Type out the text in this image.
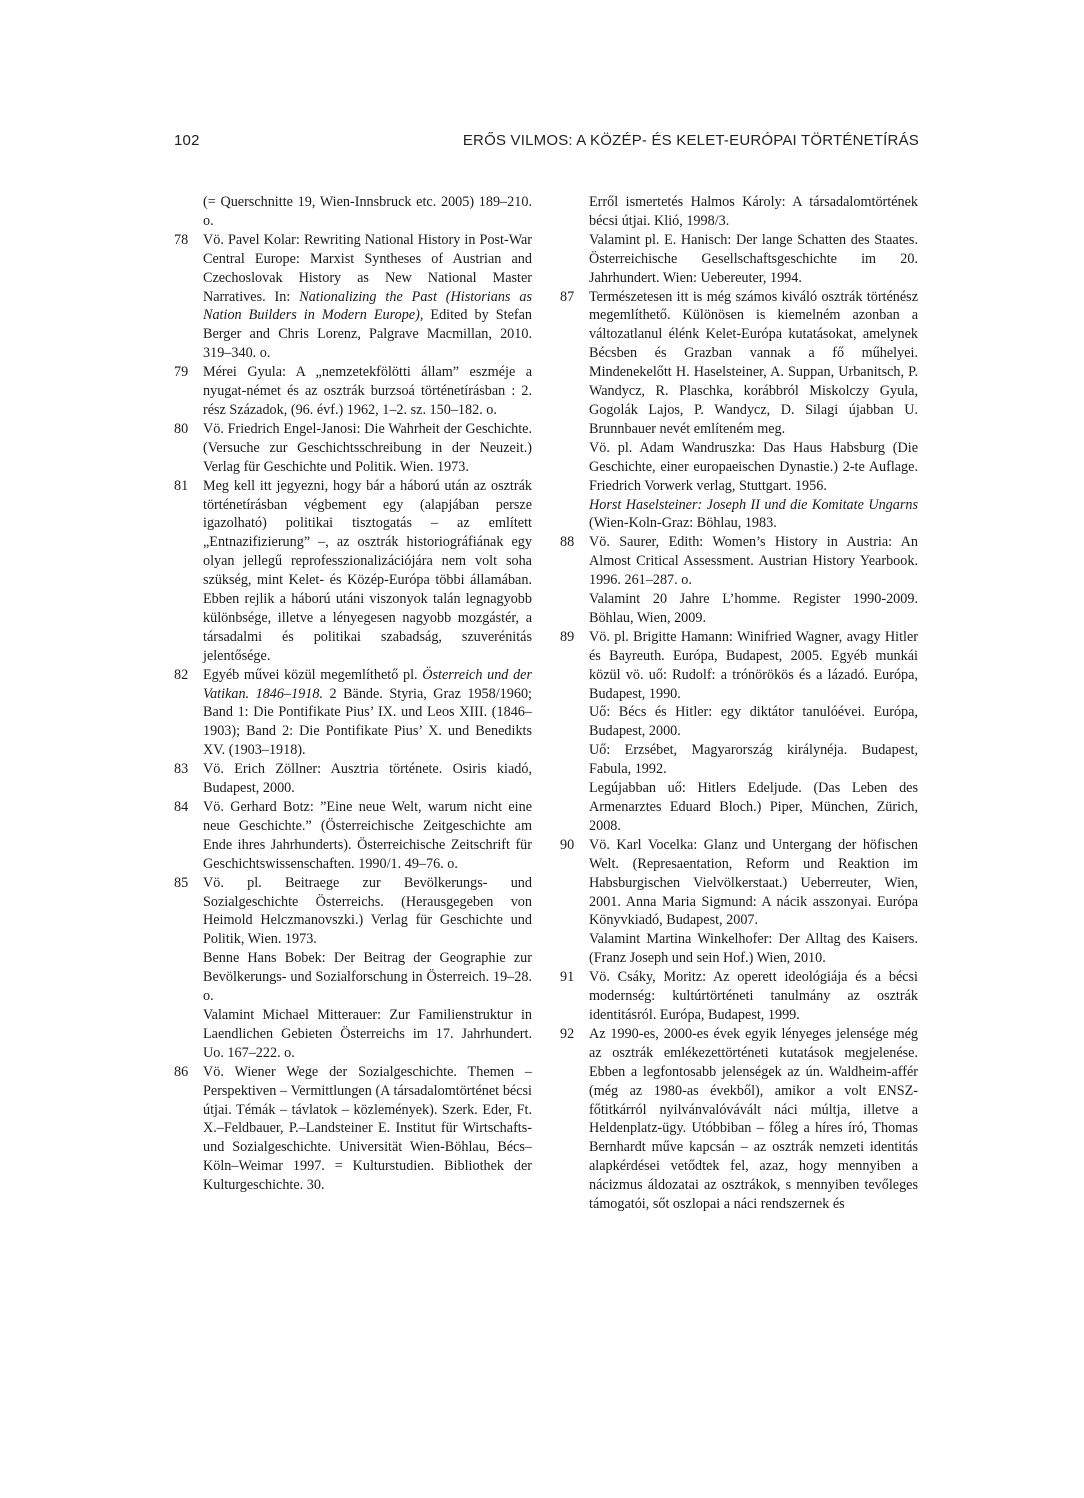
102	ERŐS VILMOS: A KÖZÉP- ÉS KELET-EURÓPAI TÖRTÉNETÍRÁS

(= Querschnitte 19, Wien-Innsbruck etc. 2005) 189–210. o.

78	Vö. Pavel Kolar: Rewriting National History in Post-War Central Europe: Marxist Syntheses of Austrian and Czechoslovak History as New National Master Narratives. In: Nationalizing the Past (Historians as Nation Builders in Modern Europe), Edited by Stefan Berger and Chris Lorenz, Palgrave Macmillan, 2010. 319–340. o.

79	Mérei Gyula: A „nemzetekfölötti állam” eszméje a nyugat-német és az osztrák burzsoá történetírásban : 2. rész Századok, (96. évf.) 1962, 1–2. sz. 150–182. o.

80	Vö. Friedrich Engel-Janosi: Die Wahrheit der Geschichte. (Versuche zur Geschichtsschreibung in der Neuzeit.) Verlag für Geschichte und Politik. Wien. 1973.

81	Meg kell itt jegyezni, hogy bár a háború után az osztrák történetírásban végbement egy (alapjában persze igazolható) politikai tisztogatás – az említett „Entnazifizierung” –, az osztrák historiográfiának egy olyan jellegű reprofesszionalizációjára nem volt soha szükség, mint Kelet- és Közép-Európa többi államában. Ebben rejlik a háború utáni viszonyok talán legnagyobb különbsége, illetve a lényegesen nagyobb mozgástér, a társadalmi és politikai szabadság, szuverénitás jelentősége.

82	Egyéb művei közül megemlíthető pl. Österreich und der Vatikan. 1846–1918. 2 Bände. Styria, Graz 1958/1960; Band 1: Die Pontifikate Pius’ IX. und Leos XIII. (1846–1903); Band 2: Die Pontifikate Pius’ X. und Benedikts XV. (1903–1918).

83	Vö. Erich Zöllner: Ausztria története. Osiris kiadó, Budapest, 2000.

84	Vö. Gerhard Botz: ”Eine neue Welt, warum nicht eine neue Geschichte.” (Österreichische Zeitgeschichte am Ende ihres Jahrhunderts). Österreichische Zeitschrift für Geschichtswissenschaften. 1990/1. 49–76. o.

85	Vö. pl. Beitraege zur Bevölkerungs- und Sozialgeschichte Österreichs. (Herausgegeben von Heimold Helczmanovszki.) Verlag für Geschichte und Politik, Wien. 1973.

Benne Hans Bobek: Der Beitrag der Geographie zur Bevölkerungs- und Sozialforschung in Österreich. 19–28. o.

Valamint Michael Mitterauer: Zur Familienstruktur in Laendlichen Gebieten Österreichs im 17. Jahrhundert. Uo. 167–222. o.

86	Vö. Wiener Wege der Sozialgeschichte. Themen – Perspektiven – Vermittlungen (A társadalomtörténet bécsi útjai. Témák – távlatok – közlemények). Szerk. Eder, Ft. X.–Feldbauer, P.–Landsteiner E. Institut für Wirtschafts- und Sozialgeschichte. Universität Wien-Böhlau, Bécs–Köln–Weimar 1997. = Kulturstudien. Bibliothek der Kulturgeschichte. 30.

Erről ismertetés Halmos Károly: A társadalomtörtének bécsi útjai. Klió, 1998/3.

Valamint pl. E. Hanisch: Der lange Schatten des Staates. Österreichische Gesellschaftsgeschichte im 20. Jahrhundert. Wien: Uebereuter, 1994.

87	Természetesen itt is még számos kiváló osztrák történész megemlíthető. Különösen is kiemelném azonban a változatlanul élénk Kelet-Európa kutatásokat, amelynek Bécsben és Grazban vannak a fő műhelyei. Mindenekelőtt H. Haselsteiner, A. Suppan, Urbanitsch, P. Wandycz, R. Plaschka, korábbról Miskolczy Gyula, Gogolák Lajos, P. Wandycz, D. Silagi újabban U. Brunnbauer nevét említeném meg.

Vö. pl. Adam Wandruszka: Das Haus Habsburg (Die Geschichte, einer europaeischen Dynastie.) 2-te Auflage. Friedrich Vorwerk verlag, Stuttgart. 1956.

Horst Haselsteiner: Joseph II und die Komitate Ungarns (Wien-Koln-Graz: Böhlau, 1983.

88	Vö. Saurer, Edith: Women’s History in Austria: An Almost Critical Assessment. Austrian History Yearbook. 1996. 261–287. o.

Valamint 20 Jahre L’homme. Register 1990-2009. Böhlau, Wien, 2009.

89	Vö. pl. Brigitte Hamann: Winifried Wagner, avagy Hitler és Bayreuth. Európa, Budapest, 2005. Egyéb munkái közül vö. uő: Rudolf: a trónörökös és a lázadó. Európa, Budapest, 1990.

Uő: Bécs és Hitler: egy diktátor tanulóévei. Európa, Budapest, 2000.

Uő: Erzsébet, Magyarország királynéja. Budapest, Fabula, 1992.

Legújabban uő: Hitlers Edeljude. (Das Leben des Armenarztes Eduard Bloch.) Piper, München, Zürich, 2008.

90	Vö. Karl Vocelka: Glanz und Untergang der höfischen Welt. (Represaentation, Reform und Reaktion im Habsburgischen Vielvölkerstaat.) Ueberreuter, Wien, 2001. Anna Maria Sigmund: A nácik asszonyai. Európa Könyvkiadó, Budapest, 2007.

Valamint Martina Winkelhofer: Der Alltag des Kaisers. (Franz Joseph und sein Hof.) Wien, 2010.

91	Vö. Csáky, Moritz: Az operett ideológiája és a bécsi modernség: kultúrtörténeti tanulmány az osztrák identitásról. Európa, Budapest, 1999.

92	Az 1990-es, 2000-es évek egyik lényeges jelensége még az osztrák emlékezettörténeti kutatások megjelenése. Ebben a legfontosabb jelenségek az ún. Waldheim-affér (még az 1980-as évekből), amikor a volt ENSZ-főtitkárról nyilvánvalóvávált náci múltja, illetve a Heldenplatz-ügy. Utóbbiban – főleg a híres író, Thomas Bernhardt műve kapcsán – az osztrák nemzeti identitás alapkérdései vetődtek fel, azaz, hogy mennyiben a nácizmus áldozatai az osztrákok, s mennyiben tevőleges támogatói, sőt oszlopai a náci rendszernek és
